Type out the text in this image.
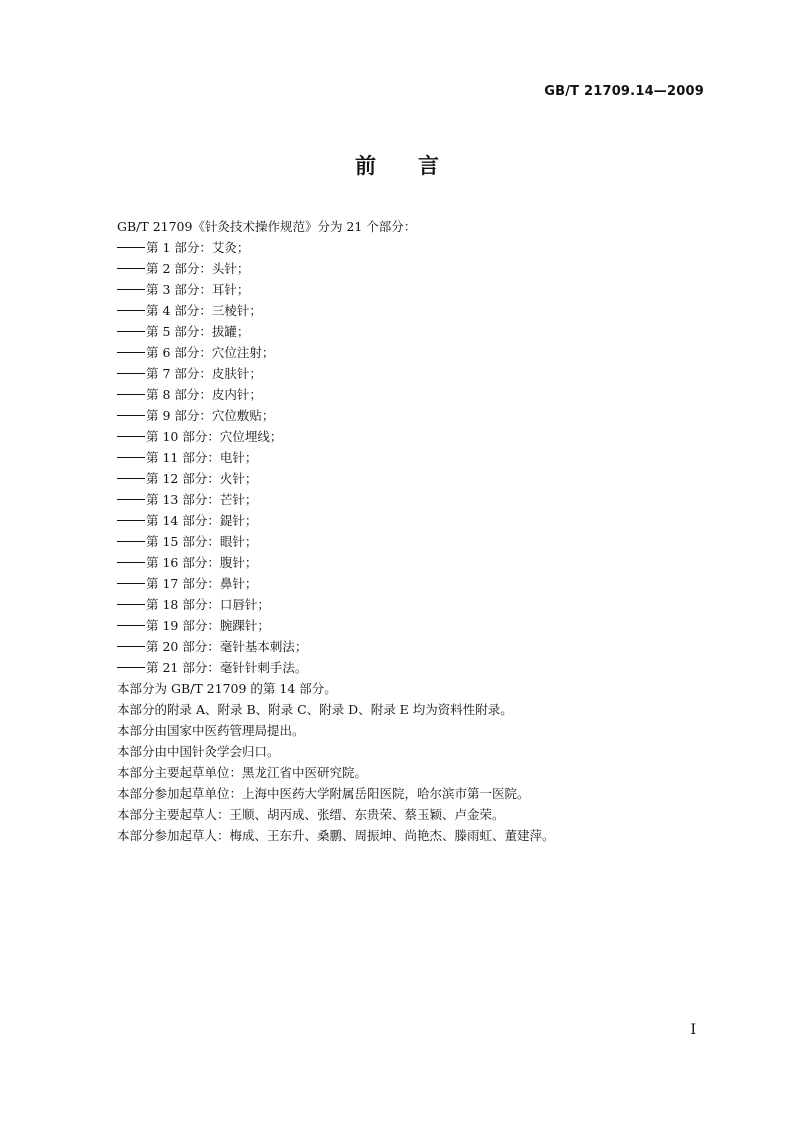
GB/T 21709.14—2009
前 言
GB/T 21709《针灸技术操作规范》分为 21 个部分：
第 1 部分：艾灸；
第 2 部分：头针；
第 3 部分：耳针；
第 4 部分：三棱针；
第 5 部分：拔罐；
第 6 部分：穴位注射；
第 7 部分：皮肤针；
第 8 部分：皮内针；
第 9 部分：穴位敷贴；
第 10 部分：穴位埋线；
第 11 部分：电针；
第 12 部分：火针；
第 13 部分：芒针；
第 14 部分：鍉针；
第 15 部分：眼针；
第 16 部分：腹针；
第 17 部分：鼻针；
第 18 部分：口唇针；
第 19 部分：腕踝针；
第 20 部分：毫针基本刺法；
第 21 部分：毫针针刺手法。
本部分为 GB/T 21709 的第 14 部分。
本部分的附录 A、附录 B、附录 C、附录 D、附录 E 均为资料性附录。
本部分由国家中医药管理局提出。
本部分由中国针灸学会归口。
本部分主要起草单位：黑龙江省中医研究院。
本部分参加起草单位：上海中医药大学附属岳阳医院，哈尔滨市第一医院。
本部分主要起草人：王顺、胡丙成、张缙、东贵荣、蔡玉颖、卢金荣。
本部分参加起草人：梅成、王东升、桑鹏、周振坤、尚艳杰、滕雨虹、董建萍。
I
